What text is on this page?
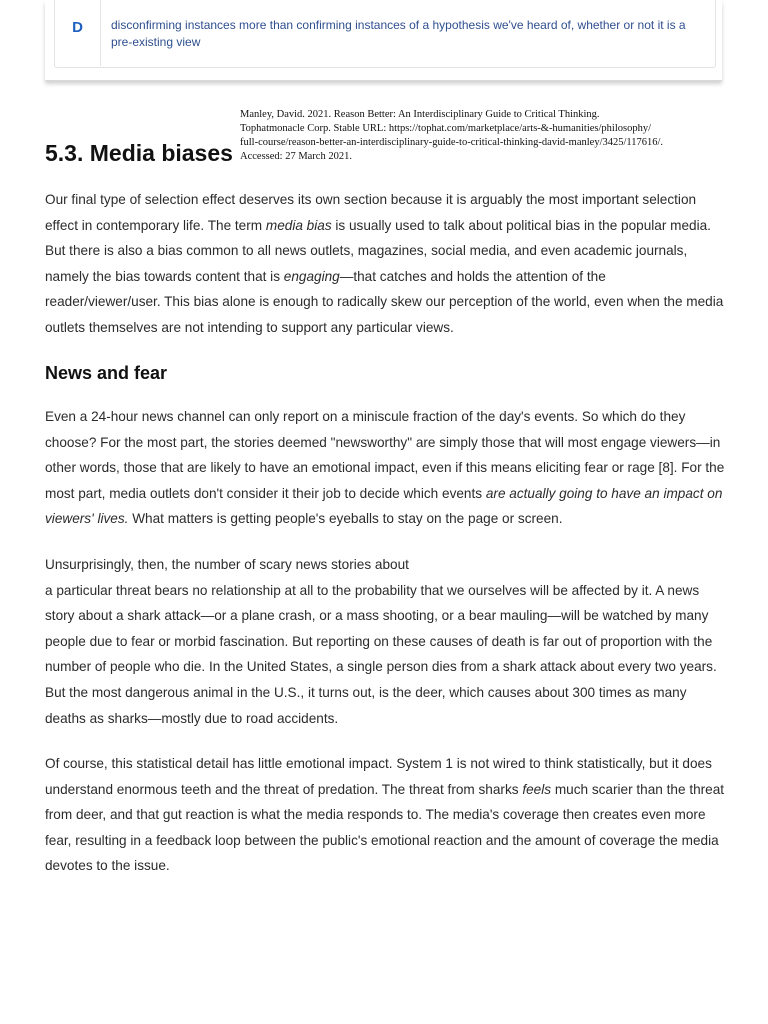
D	disconfirming instances more than confirming instances of a hypothesis we've heard of, whether or not it is a pre-existing view
Manley, David. 2021. Reason Better: An Interdisciplinary Guide to Critical Thinking.
Tophatmonacle Corp. Stable URL: https://tophat.com/marketplace/arts-&-humanities/philosophy/
full-course/reason-better-an-interdisciplinary-guide-to-critical-thinking-david-manley/3425/117616/.
Accessed: 27 March 2021.
5.3. Media biases

Our final type of selection effect deserves its own section because it is arguably the most important selection effect in contemporary life. The term media bias is usually used to talk about political bias in the popular media. But there is also a bias common to all news outlets, magazines, social media, and even academic journals, namely the bias towards content that is engaging—that catches and holds the attention of the reader/viewer/user. This bias alone is enough to radically skew our perception of the world, even when the media outlets themselves are not intending to support any particular views.

News and fear

Even a 24-hour news channel can only report on a miniscule fraction of the day's events. So which do they choose? For the most part, the stories deemed "newsworthy" are simply those that will most engage viewers—in other words, those that are likely to have an emotional impact, even if this means eliciting fear or rage [8]. For the most part, media outlets don't consider it their job to decide which events are actually going to have an impact on viewers' lives. What matters is getting people's eyeballs to stay on the page or screen.

Unsurprisingly, then, the number of scary news stories about
a particular threat bears no relationship at all to the probability that we ourselves will be affected by it. A news story about a shark attack—or a plane crash, or a mass shooting, or a bear mauling—will be watched by many people due to fear or morbid fascination. But reporting on these causes of death is far out of proportion with the number of people who die. In the United States, a single person dies from a shark attack about every two years. But the most dangerous animal in the U.S., it turns out, is the deer, which causes about 300 times as many deaths as sharks—mostly due to road accidents.

Of course, this statistical detail has little emotional impact. System 1 is not wired to think statistically, but it does understand enormous teeth and the threat of predation. The threat from sharks feels much scarier than the threat from deer, and that gut reaction is what the media responds to. The media's coverage then creates even more fear, resulting in a feedback loop between the public's emotional reaction and the amount of coverage the media devotes to the issue.
